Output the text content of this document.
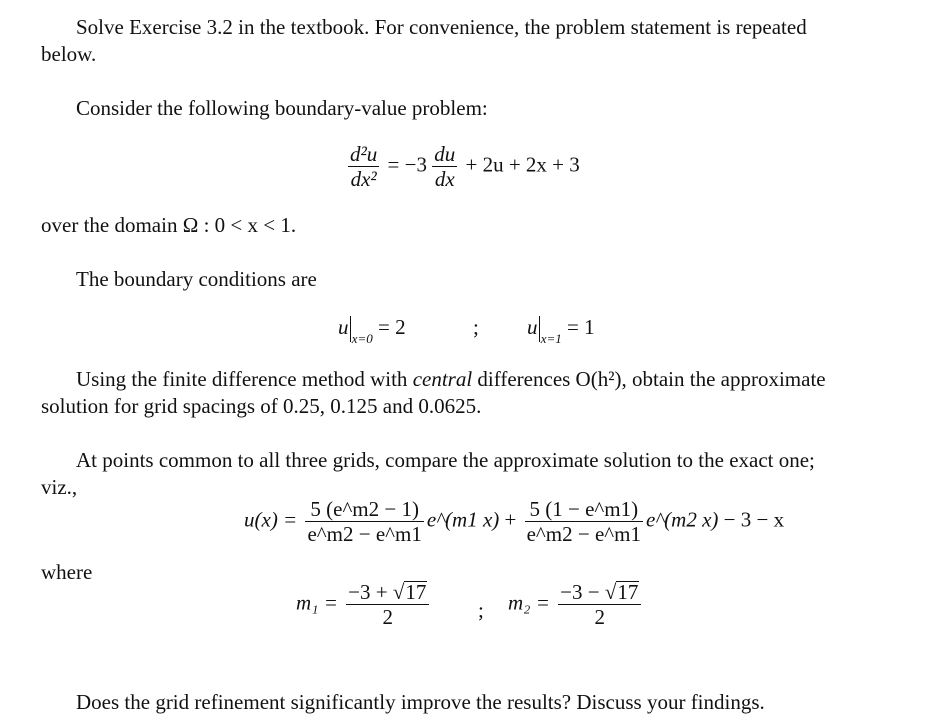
Solve Exercise 3.2 in the textbook. For convenience, the problem statement is repeated
below.
Consider the following boundary-value problem:
$\frac{\text{d²u}}{\text{dx²}} = -3 \frac{du}{dx} + 2u + 2x + 3$
over the domain Ω : 0 < x < 1.
The boundary conditions are
u $_{x=0}$ = 2	; u $_{x=1}$ = 1
Using the finite difference method with central differences O(h²), obtain the approximate
solution for grid spacings of 0.25, 0.125 and 0.0625.
At points common to all three grids, compare the approximate solution to the exact one;
viz.,
$u(x) = \frac{5 (e\^{}m2 - 1)}{e\^{}m2 - e\^{}m1}$ e^(m1 $x) + \frac{5 (1 - e\^{}m1)}{e\^{}m2 - e\^{}m1}$ e^(m2 x) − 3 − x
where
$m_1 = \frac{-3 + √17}{2}$ ; $m_2 = \frac{-3 - √17}{2}$
Does the grid refinement significantly improve the results? Discuss your findings.
